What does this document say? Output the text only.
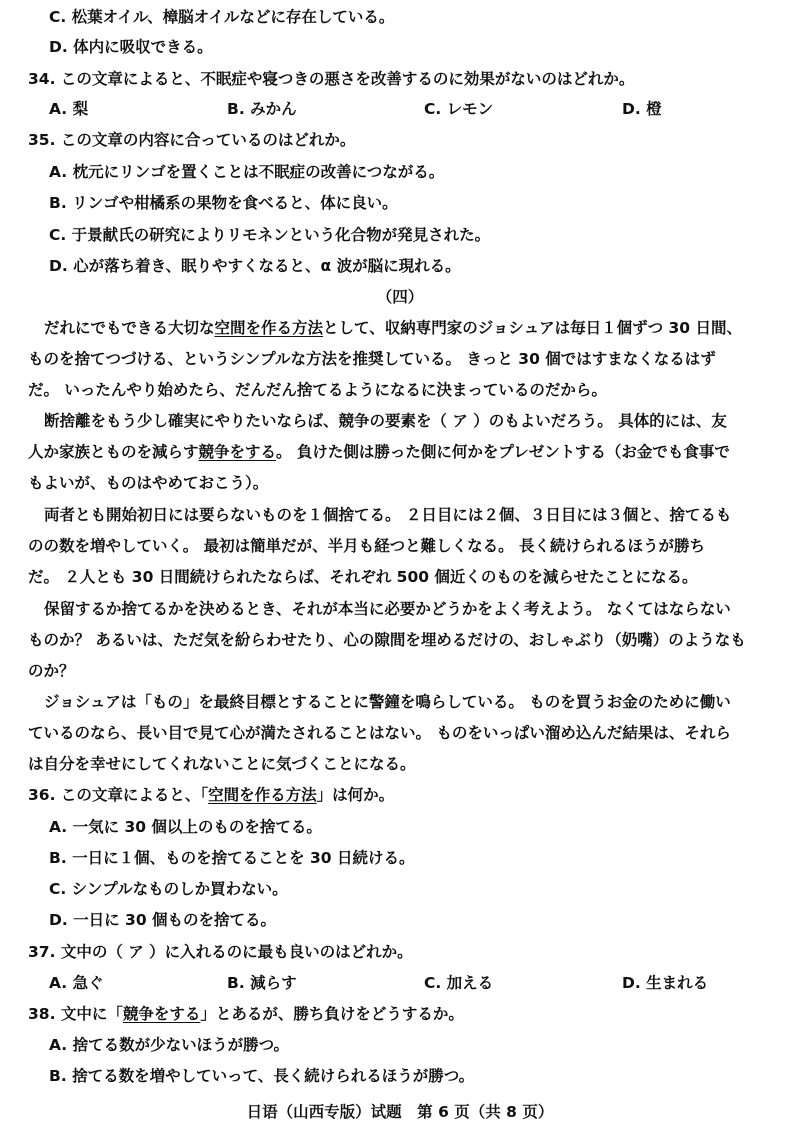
C. 松葉オイル、樟脳オイルなどに存在している。
D. 体内に吸収できる。
34. この文章によると、不眠症や寝つきの悪さを改善するのに効果がないのはどれか。
A. 梨	B. みかん	C. レモン	D. 橙
35. この文章の内容に合っているのはどれか。
A. 枕元にリンゴを置くことは不眠症の改善につながる。
B. リンゴや柑橘系の果物を食べると、体に良い。
C. 于景献氏の研究によりリモネンという化合物が発見された。
D. 心が落ち着き、眠りやすくなると、α 波が脳に現れる。
（四）
だれにでもできる大切な空間を作る方法として、収納専門家のジョシュアは毎日１個ずつ 30 日間、
ものを捨てつづける、というシンプルな方法を推奨している。 きっと 30 個ではすまなくなるはず
だ。 いったんやり始めたら、だんだん捨てるようになるに決まっているのだから。
断捨離をもう少し確実にやりたいならば、競争の要素を（ ア ）のもよいだろう。 具体的には、友
人か家族とものを減らす競争をする。 負けた側は勝った側に何かをプレゼントする（お金でも食事で
もよいが、ものはやめておこう）。
両者とも開始初日には要らないものを１個捨てる。 ２日目には２個、３日目には３個と、捨てるも
のの数を増やしていく。 最初は簡単だが、半月も経つと難しくなる。 長く続けられるほうが勝ち
だ。 ２人とも 30 日間続けられたならば、それぞれ 500 個近くのものを減らせたことになる。
保留するか捨てるかを決めるとき、それが本当に必要かどうかをよく考えよう。 なくてはならない
ものか？ あるいは、ただ気を紛らわせたり、心の隙間を埋めるだけの、おしゃぶり（奶嘴）のようなも
のか？
ジョシュアは「もの」を最終目標とすることに警鐘を鳴らしている。 ものを買うお金のために働い
ているのなら、長い目で見て心が満たされることはない。 ものをいっぱい溜め込んだ結果は、それら
は自分を幸せにしてくれないことに気づくことになる。
36. この文章によると、「空間を作る方法」は何か。
A. 一気に 30 個以上のものを捨てる。
B. 一日に１個、ものを捨てることを 30 日続ける。
C. シンプルなものしか買わない。
D. 一日に 30 個ものを捨てる。
37. 文中の（ ア ）に入れるのに最も良いのはどれか。
A. 急ぐ	B. 減らす	C. 加える	D. 生まれる
38. 文中に「競争をする」とあるが、勝ち負けをどうするか。
A. 捨てる数が少ないほうが勝つ。
B. 捨てる数を増やしていって、長く続けられるほうが勝つ。
日语（山西专版）试题　第 6 页（共 8 页）
